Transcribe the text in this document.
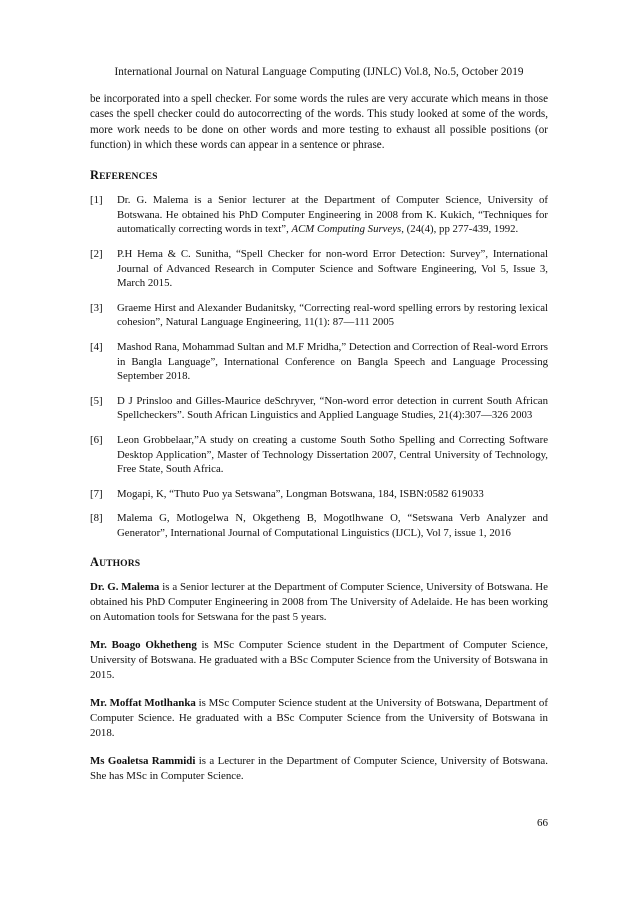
International Journal on Natural Language Computing (IJNLC) Vol.8, No.5, October 2019

be incorporated into a spell checker. For some words the rules are very accurate which means in those cases the spell checker could do autocorrecting of the words. This study looked at some of the words, more work needs to be done on other words and more testing to exhaust all possible positions (or function) in which these words can appear in a sentence or phrase.

REFERENCES
[1]	Dr. G. Malema is a Senior lecturer at the Department of Computer Science, University of Botswana. He obtained his PhD Computer Engineering in 2008 from K. Kukich, “Techniques for automatically correcting words in text”, ACM Computing Surveys, (24(4), pp 277-439, 1992.
[2]	P.H Hema & C. Sunitha, “Spell Checker for non-word Error Detection: Survey”, International Journal of Advanced Research in Computer Science and Software Engineering, Vol 5, Issue 3, March 2015.
[3]	Graeme Hirst and Alexander Budanitsky, “Correcting real-word spelling errors by restoring lexical cohesion”, Natural Language Engineering, 11(1): 87—111 2005
[4]	Mashod Rana, Mohammad Sultan and M.F Mridha,” Detection and Correction of Real-word Errors in Bangla Language”, International Conference on Bangla Speech and Language Processing September 2018.
[5]	D J Prinsloo and Gilles-Maurice deSchryver, “Non-word error detection in current South African Spellcheckers”. South African Linguistics and Applied Language Studies, 21(4):307—326 2003
[6]	Leon Grobbelaar,”A study on creating a custome South Sotho Spelling and Correcting Software Desktop Application”, Master of Technology Dissertation 2007, Central University of Technology, Free State, South Africa.
[7]	Mogapi, K, “Thuto Puo ya Setswana”, Longman Botswana, 184, ISBN:0582 619033
[8]	Malema G, Motlogelwa N, Okgetheng B, Mogotlhwane O, “Setswana Verb Analyzer and Generator”, International Journal of Computational Linguistics (IJCL), Vol 7, issue 1, 2016
AUTHORS

Dr. G. Malema is a Senior lecturer at the Department of Computer Science, University of Botswana. He obtained his PhD Computer Engineering in 2008 from The University of Adelaide. He has been working on Automation tools for Setswana for the past 5 years.

Mr. Boago Okhetheng is MSc Computer Science student in the Department of Computer Science, University of Botswana. He graduated with a BSc Computer Science from the University of Botswana in 2015.

Mr. Moffat Motlhanka is MSc Computer Science student at the University of Botswana, Department of Computer Science. He graduated with a BSc Computer Science from the University of Botswana in 2018.

Ms Goaletsa Rammidi is a Lecturer in the Department of Computer Science, University of Botswana. She has MSc in Computer Science.

66
